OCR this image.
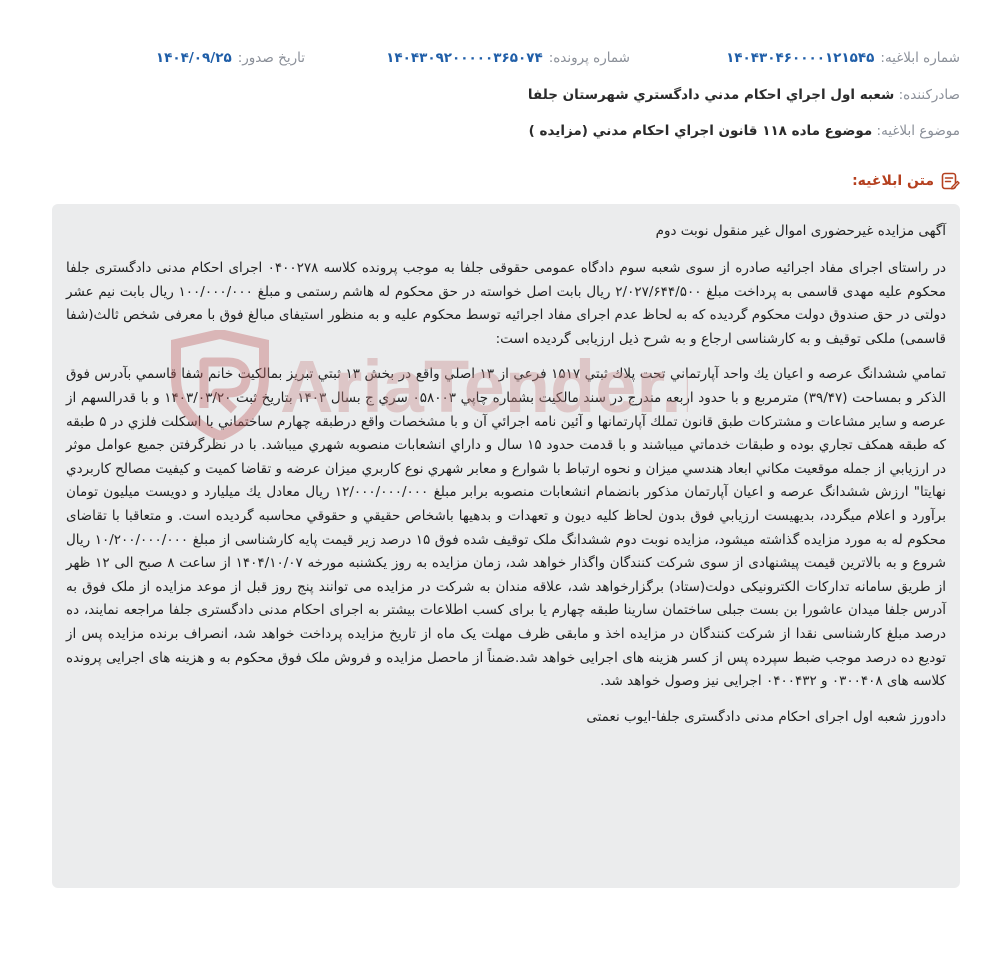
شماره ابلاغیه:
۱۴۰۴۳۰۴۶۰۰۰۰۱۲۱۵۴۵
شماره پرونده:
۱۴۰۴۳۰۹۲۰۰۰۰۰۳۶۵۰۷۴
تاریخ صدور:
۱۴۰۴/۰۹/۲۵
صادرکننده: شعبه اول اجراي احكام مدني دادگستري شهرستان جلفا
موضوع ابلاغیه: موضوع ماده ۱۱۸ قانون اجراي احكام مدني (مزايده )
متن ابلاغیه:

آگهی مزایده غیرحضوری اموال غیر منقول نوبت دوم

در راستای اجرای مفاد اجرائیه صادره از سوی شعبه سوم دادگاه عمومی حقوقی جلفا به موجب پرونده کلاسه ۰۴۰۰۲۷۸ اجرای احکام مدنی دادگستری جلفا محکوم علیه مهدی قاسمی به پرداخت مبلغ ۲/۰۲۷/۶۴۴/۵۰۰ ریال بابت اصل خواسته در حق محکوم له هاشم رستمی و مبلغ ۱۰۰/۰۰۰/۰۰۰ ریال بابت نیم عشر دولتی در حق صندوق دولت محکوم گردیده که به لحاظ عدم اجرای مفاد اجرائیه توسط محکوم علیه و به منظور استیفای مبالغ فوق با معرفی شخص ثالث(شفا قاسمی) ملکی توقیف و به کارشناسی ارجاع و به شرح ذیل ارزیابی گردیده است:

تمامي ششدانگ عرصه و اعيان يك واحد آپارتماني تحت پلاك ثبتي ۱۵۱۷ فرعي از ۱۳ اصلي واقع در بخش ۱۳ ثبتي تبريز بمالكيت خانم شفا قاسمي بآدرس فوق الذكر و بمساحت (۳۹/۴۷) مترمربع و با حدود اربعه مندرج در سند مالكيت بشماره چاپي ۰۵۸۰۰۳ سري ج بسال ۱۴۰۳ بتاريخ ثبت ۱۴۰۳/۰۳/۲۰ و با قدرالسهم از عرصه و ساير مشاعات و مشتركات طبق قانون تملك آپارتمانها و آئين نامه اجرائي آن و با مشخصات واقع درطبقه چهارم ساختماني با اسكلت فلزي در ۵ طبقه كه طبقه همكف تجاري بوده و طبقات خدماتي ميباشند و با قدمت حدود ۱۵ سال و داراي انشعابات منصوبه شهري ميباشد. با در نظرگرفتن جميع عوامل موثر در ارزيابي از جمله موقعيت مكاني ابعاد هندسي ميزان و نحوه ارتباط با شوارع و معابر شهري نوع كاربري ميزان عرضه و تقاضا كميت و كيفيت مصالح كاربردي نهايتا" ارزش ششدانگ عرصه و اعيان آپارتمان مذكور بانضمام انشعابات منصوبه برابر مبلغ ۱۲/۰۰۰/۰۰۰/۰۰۰ ريال معادل يك ميليارد و دويست ميليون تومان برآورد و اعلام ميگردد، بديهيست ارزيابي فوق بدون لحاظ كليه ديون و تعهدات و بدهيها باشخاص حقيقي و حقوقي محاسبه گرديده است. و متعاقبا با تقاضای محکوم له به مورد مزایده گذاشته میشود، مزایده نوبت دوم ششدانگ ملک توقیف شده فوق ۱۵ درصد زیر قیمت پایه کارشناسی از مبلغ ۱۰/۲۰۰/۰۰۰/۰۰۰ ریال شروع و به بالاترین قیمت پیشنهادی از سوی شرکت کنندگان واگذار خواهد شد، زمان مزایده به روز یکشنبه مورخه ۱۴۰۴/۱۰/۰۷ از ساعت ۸ صبح الی ۱۲ ظهر از طریق سامانه تدارکات الکترونیکی دولت(ستاد) برگزارخواهد شد، علاقه مندان به شرکت در مزایده می توانند پنج روز قبل از موعد مزایده از ملک فوق به آدرس جلفا میدان عاشورا بن بست جبلی ساختمان سارینا طبقه چهارم یا برای کسب اطلاعات بیشتر به اجرای احکام مدنی دادگستری جلفا مراجعه نمایند، ده درصد مبلغ کارشناسی نقدا از شرکت کنندگان در مزایده اخذ و مابقی ظرف مهلت یک ماه از تاریخ مزایده پرداخت خواهد شد، انصراف برنده مزایده پس از توديع ده درصد موجب ضبط سپرده پس از کسر هزینه های اجرایی خواهد شد.ضمناً از ماحصل مزایده و فروش ملک فوق محکوم به و هزینه های اجرایی پرونده کلاسه های ۰۳۰۰۴۰۸ و ۰۴۰۰۴۳۲ اجرایی نیز وصول خواهد شد.

دادورز شعبه اول اجرای احکام مدنی دادگستری جلفا-ایوب نعمتی

AriaTender.
